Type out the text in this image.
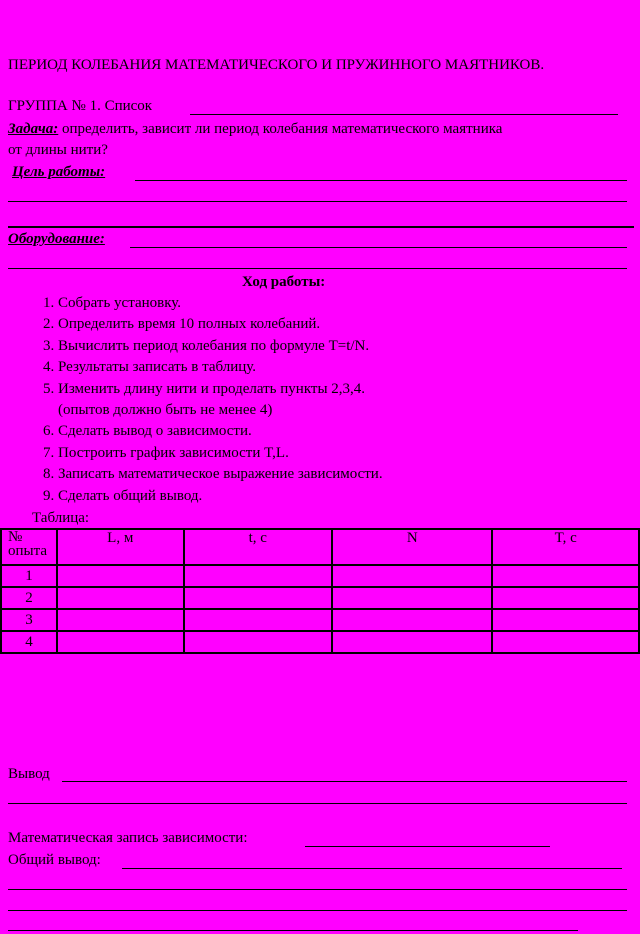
ПЕРИОД КОЛЕБАНИЯ МАТЕМАТИЧЕСКОГО И ПРУЖИННОГО МАЯТНИКОВ.
ГРУППА № 1. Список
Задача: определить, зависит ли период колебания математического маятника
от длины нити?
Цель работы:
Оборудование:
Ход работы:
1. Собрать установку.
2. Определить время 10 полных колебаний.
3. Вычислить период колебания по формуле T=t/N.
4. Результаты записать в таблицу.
5. Изменить длину нити и проделать пункты 2,3,4.
(опытов должно быть не менее 4)
6. Сделать вывод о зависимости.
7. Построить график зависимости T,L.
8. Записать математическое выражение зависимости.
9. Сделать общий вывод.
Таблица:
№ опыта	L, м	t, с	N	T, с
1				
2				
3				
4				
Вывод
Математическая запись зависимости:
Общий вывод:
